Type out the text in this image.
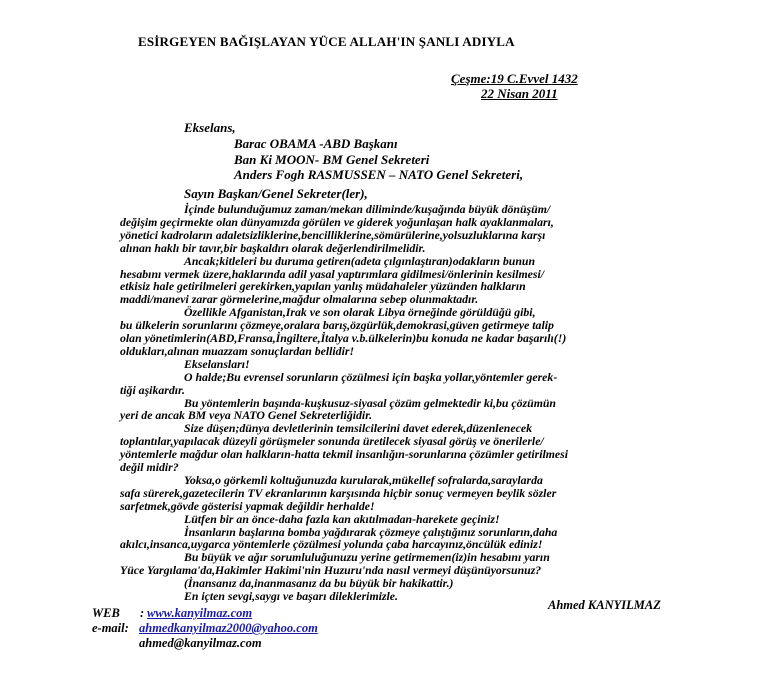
ESİRGEYEN BAĞIŞLAYAN YÜCE ALLAH'IN ŞANLI ADIYLA
Çeşme:19 C.Evvel 1432
22 Nisan 2011
Ekselans,
Barac OBAMA -ABD Başkanı
Ban Ki MOON- BM Genel Sekreteri
Anders Fogh RASMUSSEN – NATO Genel Sekreteri,
Sayın Başkan/Genel Sekreter(ler),
İçinde bulunduğumuz zaman/mekan diliminde/kuşağında büyük dönüşüm/
değişim geçirmekte olan dünyamızda görülen ve giderek yoğunlaşan halk ayaklanmaları,
yönetici kadroların adaletsizliklerine,bencilliklerine,sömürülerine,yolsuzluklarına karşı
alınan haklı bir tavır,bir başkaldırı olarak değerlendirilmelidir.
Ancak;kitleleri bu duruma getiren(adeta çılgınlaştıran)odakların bunun
hesabını vermek üzere,haklarında adil yasal yaptırımlara gidilmesi/önlerinin kesilmesi/
etkisiz hale getirilmeleri gerekirken,yapılan yanlış müdahaleler yüzünden halkların
maddi/manevi zarar görmelerine,mağdur olmalarına sebep olunmaktadır.
Özellikle Afganistan,Irak ve son olarak Libya örneğinde görüldüğü gibi,
bu ülkelerin sorunlarını çözmeye,oralara barış,özgürlük,demokrasi,güven getirmeye talip
olan yönetimlerin(ABD,Fransa,İngiltere,İtalya v.b.ülkelerin)bu konuda ne kadar başarılı(!)
oldukları,alınan muazzam sonuçlardan bellidir!
Ekselansları!
O halde;Bu evrensel sorunların çözülmesi için başka yollar,yöntemler gerek-
tiği aşikardır.
Bu yöntemlerin başında-kuşkusuz-siyasal çözüm gelmektedir ki,bu çözümün
yeri de ancak BM veya NATO Genel Sekreterliğidir.
Size düşen;dünya devletlerinin temsilcilerini davet ederek,düzenlenecek
toplantılar,yapılacak düzeyli görüşmeler sonunda üretilecek siyasal görüş ve önerilerle/
yöntemlerle mağdur olan halkların-hatta tekmil insanlığın-sorunlarına çözümler getirilmesi
değil midir?
Yoksa,o görkemli koltuğunuzda kurularak,mükellef sofralarda,saraylarda
safa sürerek,gazetecilerin TV ekranlarının karşısında hiçbir sonuç vermeyen beylik sözler
sarfetmek,gövde gösterisi yapmak değildir herhalde!
Lütfen bir an önce-daha fazla kan akıtılmadan-harekete geçiniz!
İnsanların başlarına bomba yağdırarak çözmeye çalıştığınız sorunların,daha
akılcı,insanca,uygarca yöntemlerle çözülmesi yolunda çaba harcayınız,öncülük ediniz!
Bu büyük ve ağır sorumluluğunuzu yerine getirmemen(iz)in hesabını yarın
Yüce Yargılama'da,Hakimler Hakimi'nin Huzuru'nda nasıl vermeyi düşünüyorsunuz?
(İnansanız da,inanmasanız da bu büyük bir hakikattir.)
En içten sevgi,saygı ve başarı dileklerimizle.
Ahmed KANYILMAZ
WEB : www.kanyilmaz.com
e-mail: ahmedkanyilmaz2000@yahoo.com
ahmed@kanyilmaz.com
